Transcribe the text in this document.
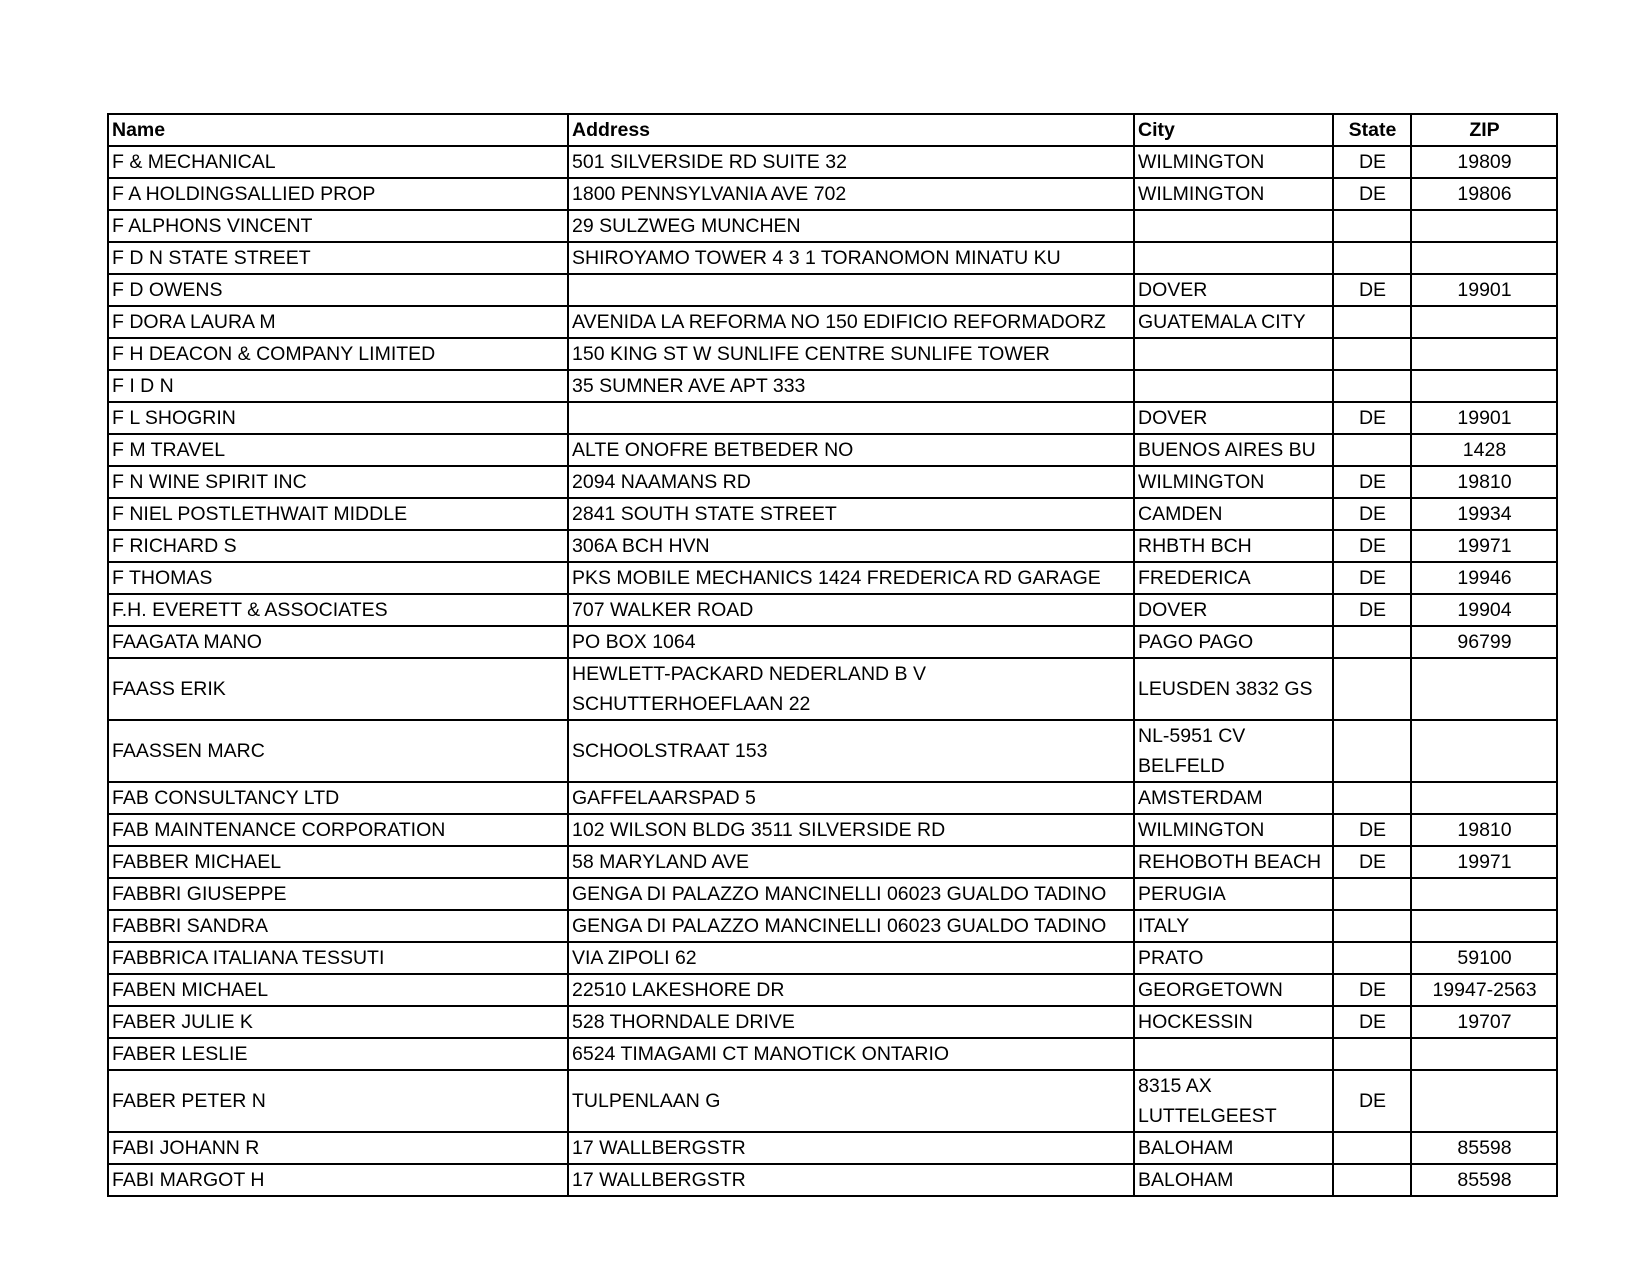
Name	Address	City	State	ZIP
F & MECHANICAL	501 SILVERSIDE RD SUITE 32	WILMINGTON	DE	19809
F A HOLDINGSALLIED PROP	1800 PENNSYLVANIA AVE 702	WILMINGTON	DE	19806
F ALPHONS VINCENT	29 SULZWEG MUNCHEN			
F D N STATE STREET	SHIROYAMO TOWER 4 3 1 TORANOMON MINATU KU			
F D OWENS		DOVER	DE	19901
F DORA LAURA M	AVENIDA LA REFORMA NO 150 EDIFICIO REFORMADORZ	GUATEMALA CITY		
F H DEACON & COMPANY LIMITED	150 KING ST W SUNLIFE CENTRE SUNLIFE TOWER			
F I D N	35 SUMNER AVE APT 333			
F L SHOGRIN		DOVER	DE	19901
F M TRAVEL	ALTE ONOFRE BETBEDER NO	BUENOS AIRES BU		1428
F N WINE SPIRIT INC	2094 NAAMANS RD	WILMINGTON	DE	19810
F NIEL POSTLETHWAIT MIDDLE	2841 SOUTH STATE STREET	CAMDEN	DE	19934
F RICHARD S	306A BCH HVN	RHBTH BCH	DE	19971
F THOMAS	PKS MOBILE MECHANICS 1424 FREDERICA RD GARAGE	FREDERICA	DE	19946
F.H. EVERETT & ASSOCIATES	707 WALKER ROAD	DOVER	DE	19904
FAAGATA MANO	PO BOX 1064	PAGO PAGO		96799
FAASS ERIK	HEWLETT-PACKARD NEDERLAND B V SCHUTTERHOEFLAAN 22	LEUSDEN 3832 GS		
FAASSEN MARC	SCHOOLSTRAAT 153	NL-5951 CV BELFELD		
FAB CONSULTANCY LTD	GAFFELAARSPAD 5	AMSTERDAM		
FAB MAINTENANCE CORPORATION	102 WILSON BLDG 3511 SILVERSIDE RD	WILMINGTON	DE	19810
FABBER MICHAEL	58 MARYLAND AVE	REHOBOTH BEACH	DE	19971
FABBRI GIUSEPPE	GENGA DI PALAZZO MANCINELLI 06023 GUALDO TADINO	PERUGIA		
FABBRI SANDRA	GENGA DI PALAZZO MANCINELLI 06023 GUALDO TADINO	ITALY		
FABBRICA ITALIANA TESSUTI	VIA ZIPOLI 62	PRATO		59100
FABEN MICHAEL	22510 LAKESHORE DR	GEORGETOWN	DE	19947-2563
FABER JULIE K	528 THORNDALE DRIVE	HOCKESSIN	DE	19707
FABER LESLIE	6524 TIMAGAMI CT MANOTICK ONTARIO			
FABER PETER N	TULPENLAAN G	8315 AX LUTTELGEEST	DE	
FABI JOHANN R	17 WALLBERGSTR	BALOHAM		85598
FABI MARGOT H	17 WALLBERGSTR	BALOHAM		85598
